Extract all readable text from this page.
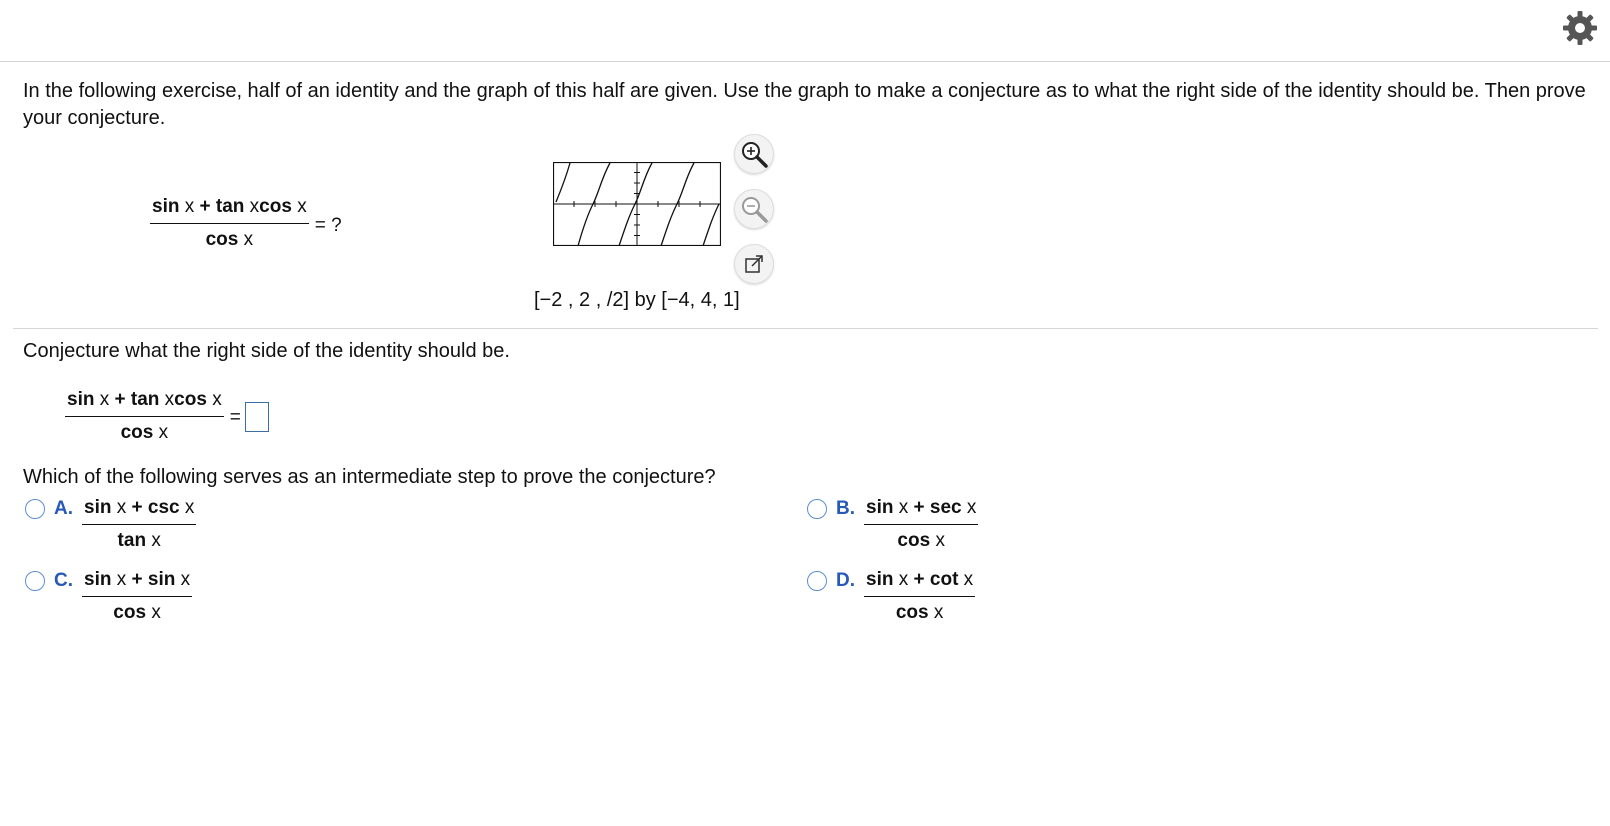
In the following exercise, half of an identity and the graph of this half are given. Use the graph to make a conjecture as to what the right side of the identity should be. Then prove your conjecture.
$\frac{\text{sin x + tan xcos x}}{\text{cos x}}$ = ?
[−2 , 2 , /2] by [−4, 4, 1]
Conjecture what the right side of the identity should be.
$\frac{\text{sin x + tan xcos x}}{\text{cos x}}$ =
Which of the following serves as an intermediate step to prove the conjecture?
A. $\frac{\text{sin x + csc x}}{\text{tan x}}$	B. $\frac{\text{sin x + sec x}}{\text{cos x}}$
C. $\frac{\text{sin x + sin x}}{\text{cos x}}$	D. $\frac{\text{sin x + cot x}}{\text{cos x}}$
